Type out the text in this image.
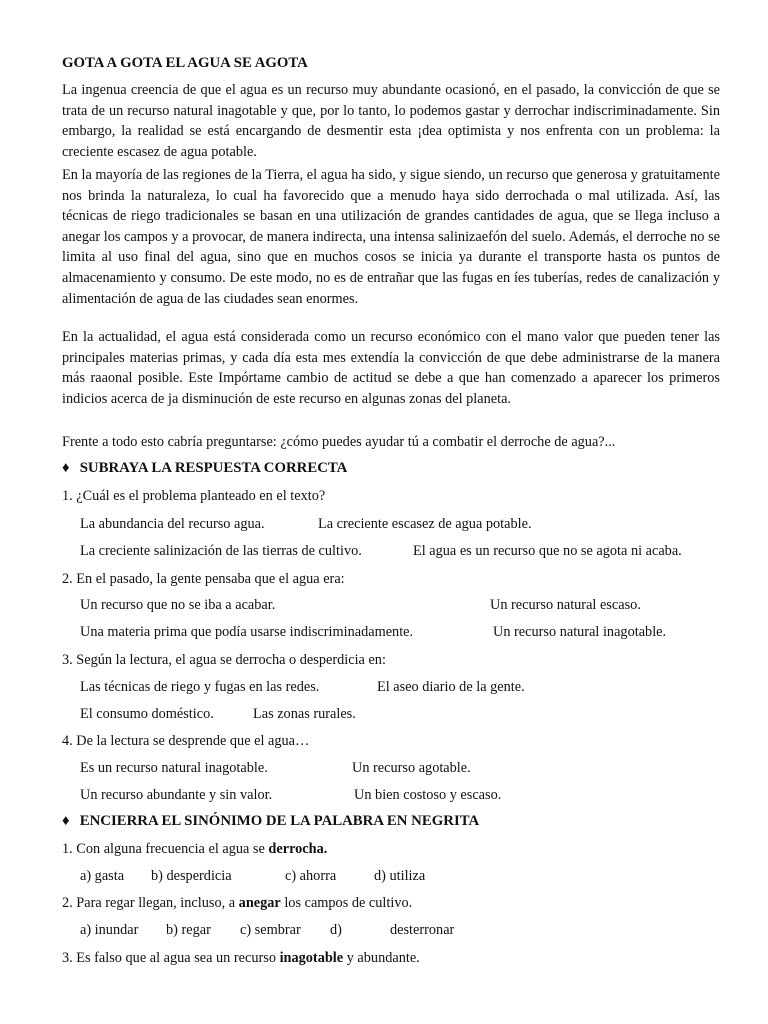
GOTA A GOTA EL AGUA SE AGOTA

La ingenua creencia de que el agua es un recurso muy abundante ocasionó, en el pasado, la convicción de que se trata de un recurso natural inagotable y que, por lo tanto, lo podemos gastar y derrochar indiscriminadamente. Sin embargo, la realidad se está encargando de desmentir esta ¡dea optimista y nos enfrenta con un problema: la creciente escasez de agua potable.

En la mayoría de las regiones de la Tierra, el agua ha sido, y sigue siendo, un recurso que generosa y gratuitamente nos brinda la naturaleza, lo cual ha favorecido que a menudo haya sido derrochada o mal utilizada. Así, las técnicas de riego tradicionales se basan en una utilización de grandes cantidades de agua, que se llega incluso a anegar los campos y a provocar, de manera indirecta, una intensa salinizaefón del suelo. Además, el derroche no se limita al uso final del agua, sino que en muchos cosos se inicia ya durante el transporte hasta os puntos de almacenamiento y consumo. De este modo, no es de entrañar que las fugas en íes tuberías, redes de canalización y alimentación de agua de las ciudades sean enormes.

En la actualidad, el agua está considerada como un recurso económico con el mano valor que pueden tener las principales materias primas, y cada día esta mes extendía la convicción de que debe administrarse de la manera más raaonal posible. Este Impórtame cambio de actitud se debe a que han comenzado a aparecer los primeros indicios acerca de ja disminución de este recurso en algunas zonas del planeta.

Frente a todo esto cabría preguntarse: ¿cómo puedes ayudar tú a combatir el derroche de agua?...

♦ SUBRAYA LA RESPUESTA CORRECTA
1. ¿Cuál es el problema planteado en el texto?
La abundancia del recurso agua.	La creciente escasez de agua potable.
La creciente salinización de las tierras de cultivo.	El agua es un recurso que no se agota ni acaba.
2. En el pasado, la gente pensaba que el agua era:
Un recurso que no se iba a acabar.	Un recurso natural escaso.
Una materia prima que podía usarse indiscriminadamente.	Un recurso natural inagotable.
3. Según la lectura, el agua se derrocha o desperdicia en:
Las técnicas de riego y fugas en las redes.	El aseo diario de la gente.
El consumo doméstico.	Las zonas rurales.
4. De la lectura se desprende que el agua…
Es un recurso natural inagotable.	Un recurso agotable.
Un recurso abundante y sin valor.	Un bien costoso y escaso.
♦ ENCIERRA EL SINÓNIMO DE LA PALABRA EN NEGRITA
1. Con alguna frecuencia el agua se derrocha.
a) gasta b) desperdicia	c) ahorra	d) utiliza
2. Para regar llegan, incluso, a anegar los campos de cultivo.
a) inundar b) regar c) sembrar d)	desterronar
3. Es falso que al agua sea un recurso inagotable y abundante.
